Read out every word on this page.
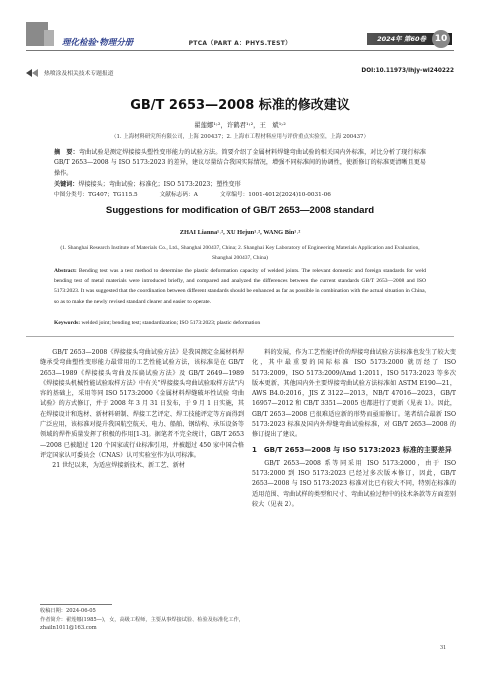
理化检验·物理分册	PTCA（PART A：PHYS.TEST）
2024年 第60卷 10
热喷涂及相关技术专题报道	DOI:10.11973/lhjy-wl240222
GB/T 2653—2008 标准的修改建议
翟莲娜¹˒²，许鹤君¹˒²，王　斌¹˒²
（1. 上海材料研究所有限公司，上海 200437；2. 上海市工程材料应用与评价重点实验室，上海 200437）
摘　要：弯曲试验是测定焊接接头塑性变形能力的试验方法。简要介绍了金属材料焊缝弯曲试验的相关国内外标准，对比分析了现行标准 GB/T 2653—2008 与 ISO 5173:2023 的差异，建议尽量结合我国实际情况，增强不同标准间的协调性，使新修订的标准更清晰且更易操作。
关键词：焊接接头；弯曲试验；标准化；ISO 5173:2023；塑性变形
中图分类号：TG407；TG115.5	文献标志码：A	文章编号：1001-4012(2024)10-0031-06
Suggestions for modification of GB/T 2653—2008 standard
ZHAI Lianna¹˒², XU Hejun¹˒², WANG Bin¹˒²
(1. Shanghai Research Institute of Materials Co., Ltd., Shanghai 200437, China; 2. Shanghai Key Laboratory of Engineering Materials Application and Evaluation, Shanghai 200437, China)
Abstract: Bending test was a test method to determine the plastic deformation capacity of welded joints. The relevant domestic and foreign standards for weld bending test of metal materials were introduced briefly, and compared and analyzed the differences between the current standards GB/T 2653—2008 and ISO 5173:2023. It was suggested that the coordination between different standards should be enhanced as far as possible in combination with the actual situation in China, so as to make the newly revised standard clearer and easier to operate.
Keywords: welded joint; bending test; standardization; ISO 5173:2023; plastic deformation

GB/T 2653—2008《焊接接头弯曲试验方法》是我国测定金属材料焊缝承受弯曲塑性变形能力最常用的工艺性能试验方法，该标准是在 GB/T 2653—1989《焊接接头弯曲及压扁试验方法》及 GB/T 2649—1989《焊接接头机械性能试验取样方法》中有关“焊接接头弯曲试验取样方法”内容的基础上，采用等同 ISO 5173:2000《金属材料焊缝破坏性试验 弯曲试验》的方式修订，并于 2008 年 3 月 31 日发布，于 9 月 1 日实施，其在焊接设计和选材、新材料研制、焊接工艺评定、焊工技能评定等方面得到广泛应用，该标准对提升我国航空航天、电力、船舶、钢结构、承压设备等领域的焊件质量发挥了积极的作用[1-3]。据笔者不完全统计，GB/T 2653—2008 已被超过 120 个国家或行业标准引用，并被超过 450 家中国合格评定国家认可委员会（CNAS）认可实验室作为认可标准。

21 世纪以来，为适应焊接新技术、新工艺、新材

料的发展，作为工艺性能评价的焊接弯曲试验方法标准也发生了较大变化，其中最重要的国际标准 ISO 5173:2000 就历经了 ISO 5173:2009，ISO 5173:2009/Amd 1:2011，ISO 5173:2023 等多次版本更新，其他国内外主要焊接弯曲试验方法标准如 ASTM E190—21，AWS B4.0:2016，JIS Z 3122—2013，NB/T 47016—2023，GB/T 16957—2012 和 CB/T 3351—2005 也都进行了更新（见表 1）。因此，GB/T 2653—2008 已很难适应新的形势而亟需修订。笔者结合最新 ISO 5173:2023 标准及国内外焊缝弯曲试验标准，对 GB/T 2653—2008 的修订提出了建议。

1　GB/T 2653—2008 与 ISO 5173:2023 标准的主要差异

GB/T 2653—2008 系等同采用 ISO 5173:2000，由于 ISO 5173:2000 到 ISO 5173:2023 已经过多次版本修订，因此，GB/T 2653—2008 与 ISO 5173:2023 标准对比已有较大不同，特别在标准的适用范围、弯曲试样的类型和尺寸、弯曲试验过程中的技术条款等方面差别较大（见表 2）。

收稿日期：2024-06-05
作者简介：翟莲娜(1985—)，女，高级工程师，主要从事焊接试验、检验及标准化工作，zhailn1011@163.com
31
